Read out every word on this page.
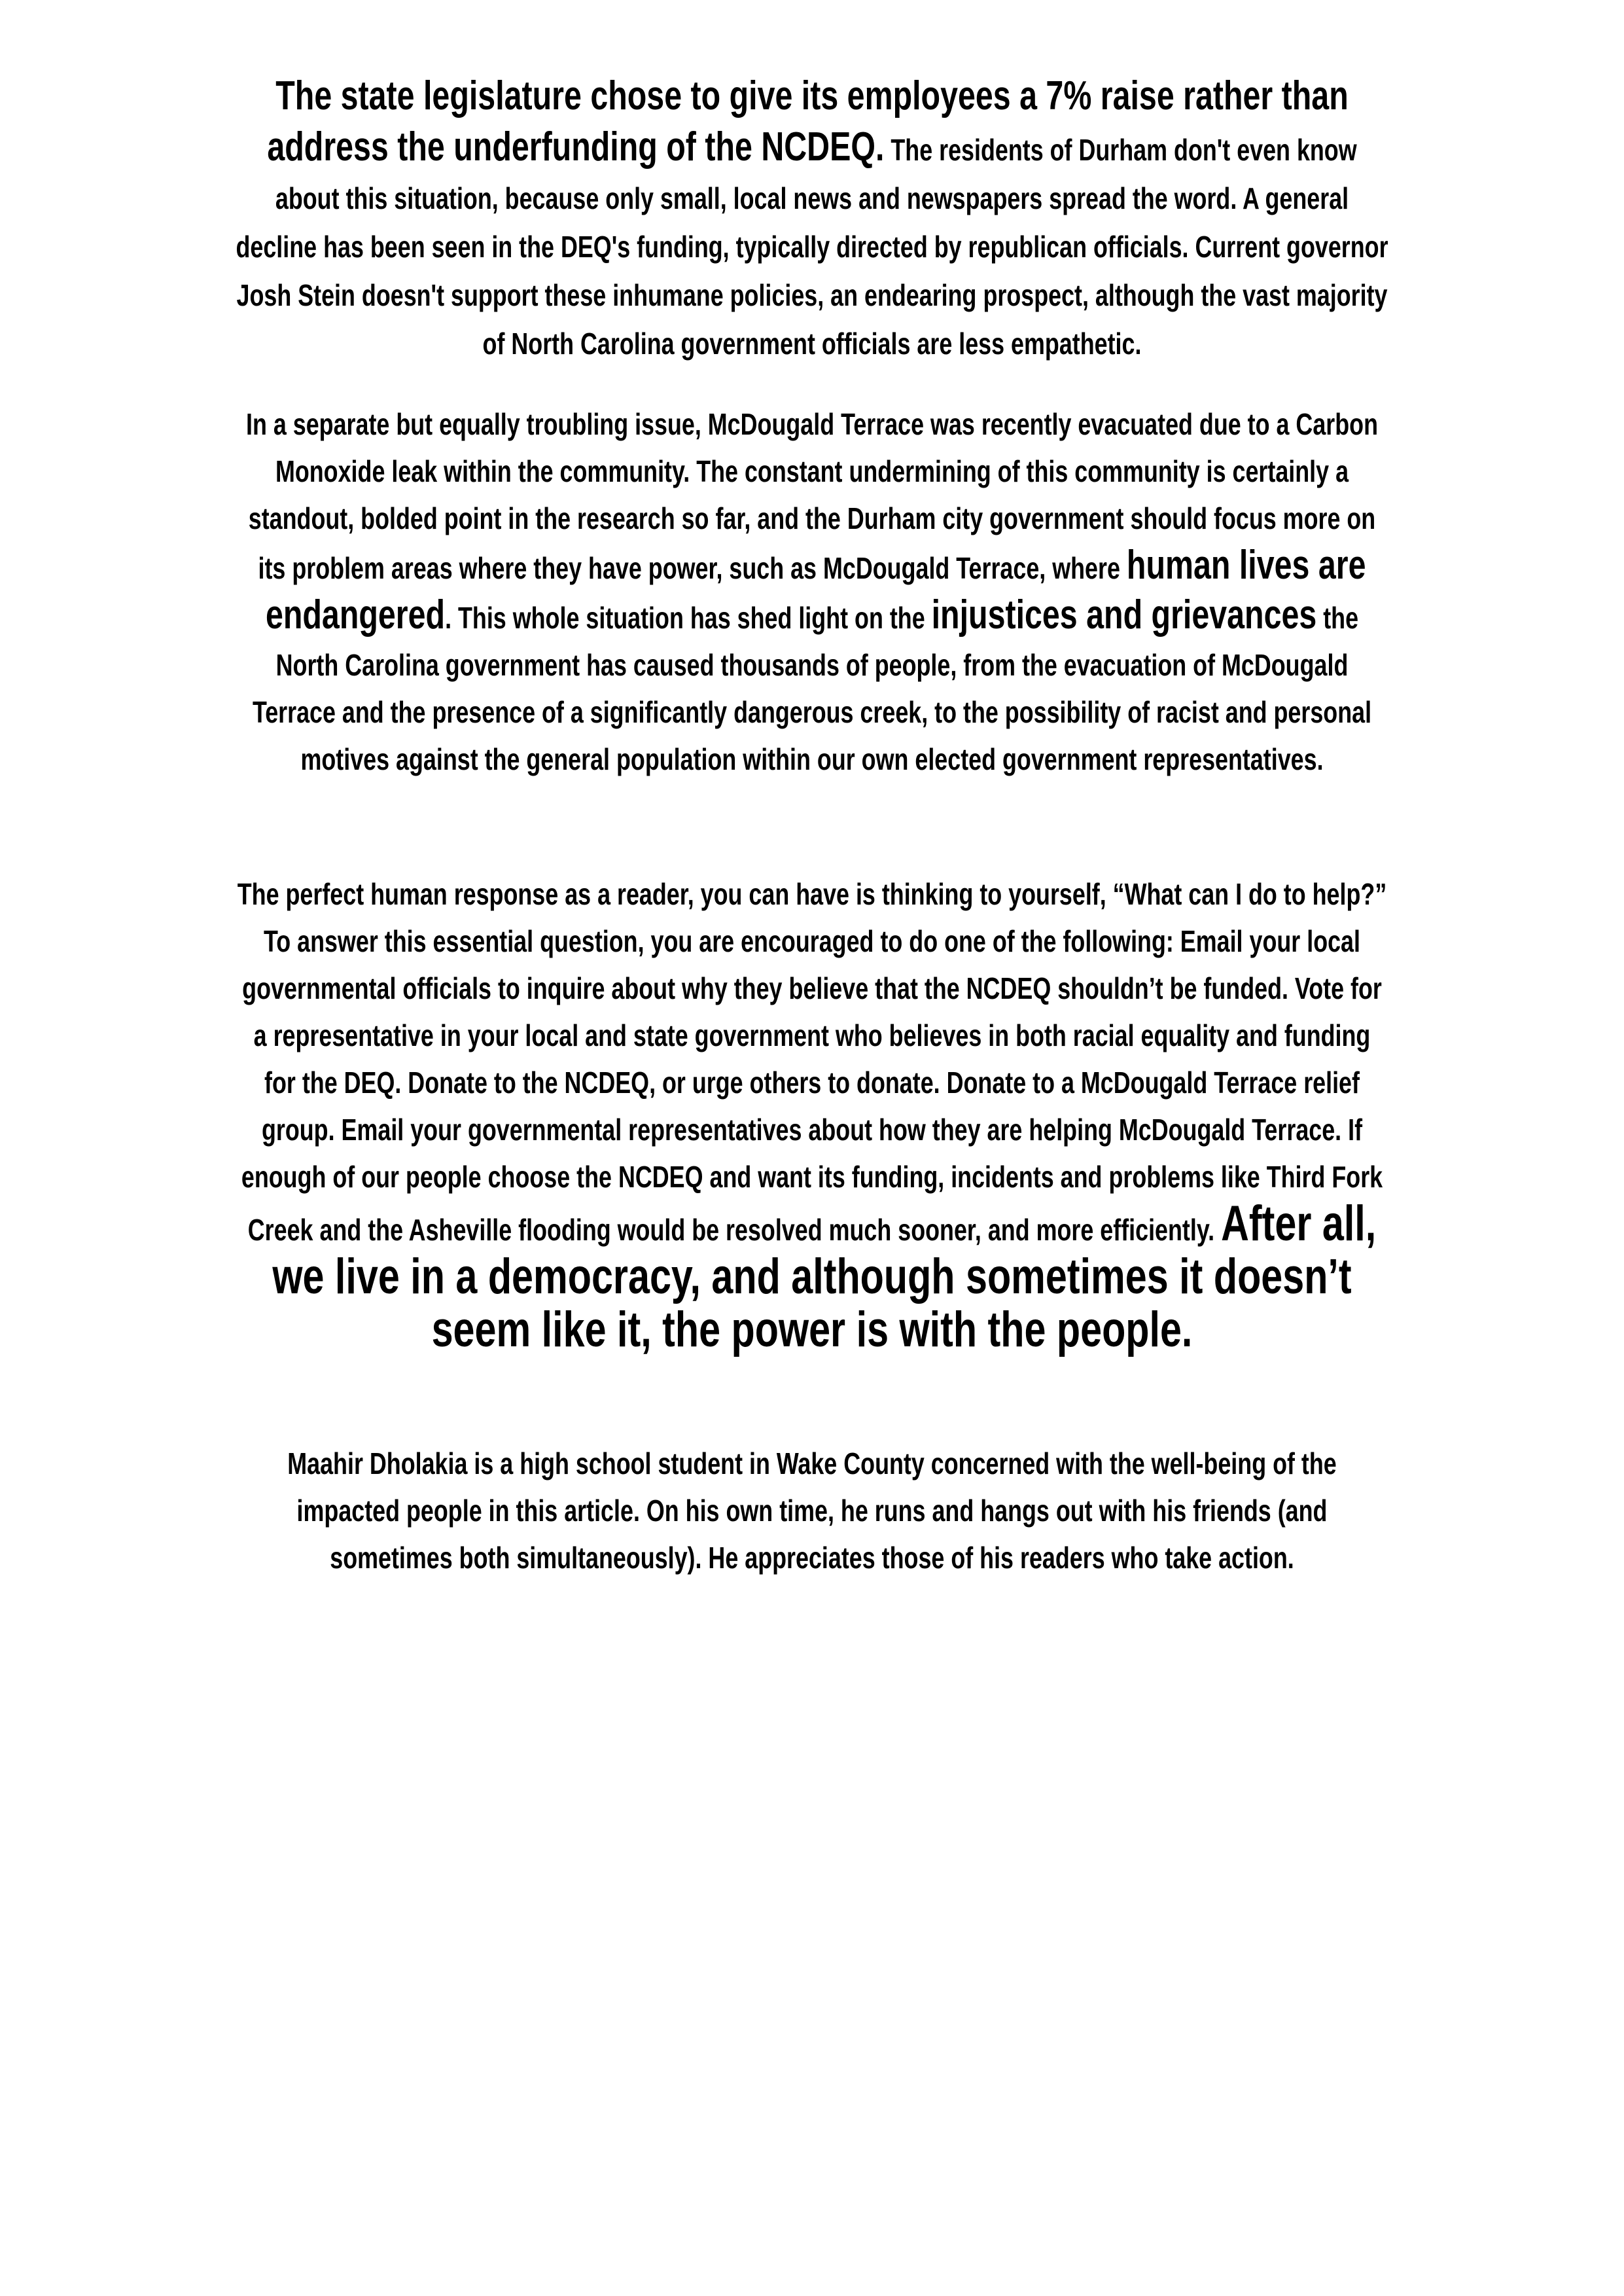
The state legislature chose to give its employees a 7% raise rather than address the underfunding of the NCDEQ. The residents of Durham don't even know about this situation, because only small, local news and newspapers spread the word. A general decline has been seen in the DEQ's funding, typically directed by republican officials. Current governor Josh Stein doesn't support these inhumane policies, an endearing prospect, although the vast majority of North Carolina government officials are less empathetic.

In a separate but equally troubling issue, McDougald Terrace was recently evacuated due to a Carbon Monoxide leak within the community. The constant undermining of this community is certainly a standout, bolded point in the research so far, and the Durham city government should focus more on its problem areas where they have power, such as McDougald Terrace, where human lives are endangered. This whole situation has shed light on the injustices and grievances the North Carolina government has caused thousands of people, from the evacuation of McDougald Terrace and the presence of a significantly dangerous creek, to the possibility of racist and personal motives against the general population within our own elected government representatives.

The perfect human response as a reader, you can have is thinking to yourself, “What can I do to help?” To answer this essential question, you are encouraged to do one of the following: Email your local governmental officials to inquire about why they believe that the NCDEQ shouldn’t be funded. Vote for a representative in your local and state government who believes in both racial equality and funding for the DEQ. Donate to the NCDEQ, or urge others to donate. Donate to a McDougald Terrace relief group. Email your governmental representatives about how they are helping McDougald Terrace. If enough of our people choose the NCDEQ and want its funding, incidents and problems like Third Fork Creek and the Asheville flooding would be resolved much sooner, and more efficiently. After all, we live in a democracy, and although sometimes it doesn’t seem like it, the power is with the people.

Maahir Dholakia is a high school student in Wake County concerned with the well-being of the impacted people in this article. On his own time, he runs and hangs out with his friends (and sometimes both simultaneously). He appreciates those of his readers who take action.
